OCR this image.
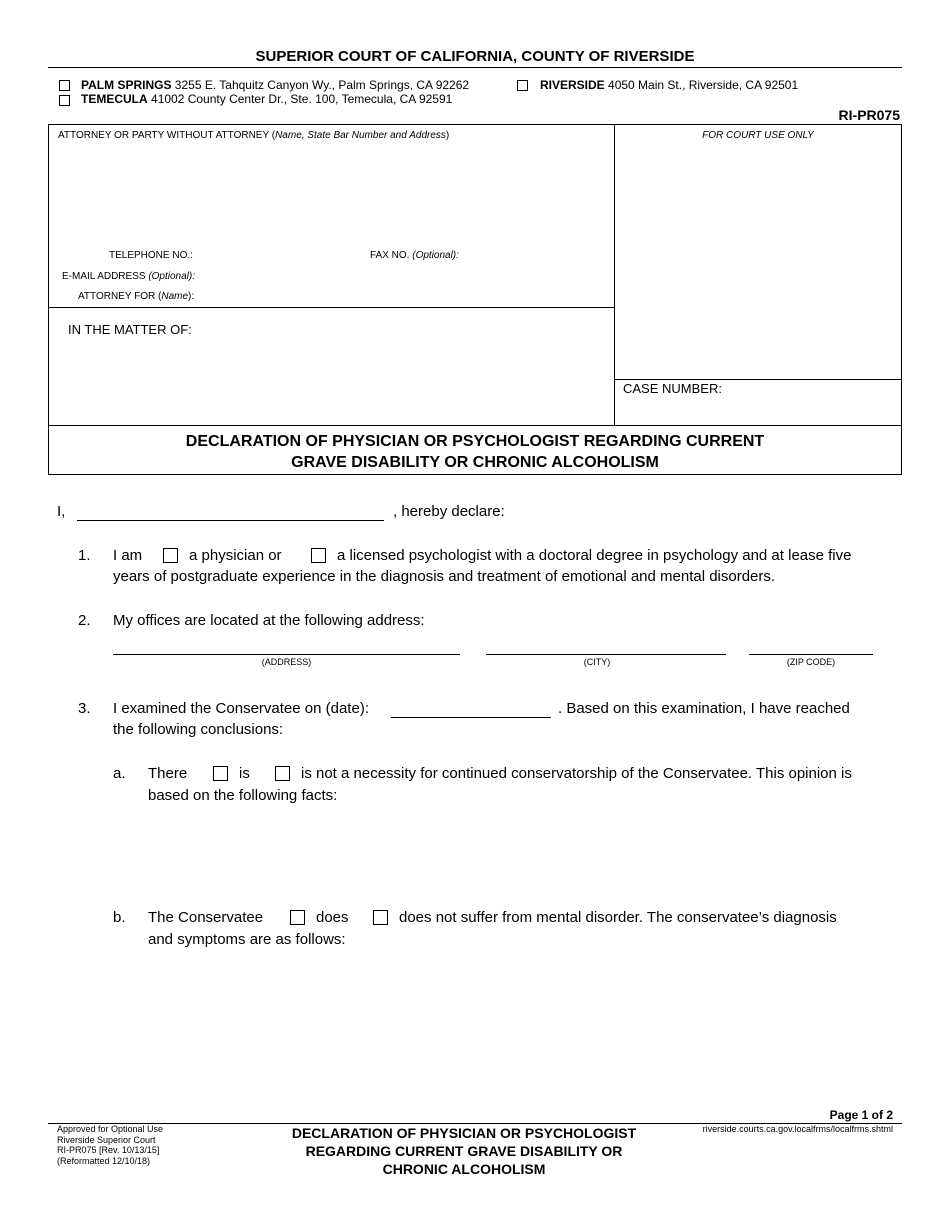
SUPERIOR COURT OF CALIFORNIA, COUNTY OF RIVERSIDE
PALM SPRINGS 3255 E. Tahquitz Canyon Wy., Palm Springs, CA 92262	RIVERSIDE 4050 Main St., Riverside, CA 92501
TEMECULA 41002 County Center Dr., Ste. 100, Temecula, CA 92591
RI-PR075
ATTORNEY OR PARTY WITHOUT ATTORNEY (Name, State Bar Number and Address)	FOR COURT USE ONLY
TELEPHONE NO.:	FAX NO. (Optional):
E-MAIL ADDRESS (Optional):
ATTORNEY FOR (Name):
IN THE MATTER OF:
CASE NUMBER:
DECLARATION OF PHYSICIAN OR PSYCHOLOGIST REGARDING CURRENT
GRAVE DISABILITY OR CHRONIC ALCOHOLISM
I,	, hereby declare:
1. I am	a physician or	a licensed psychologist with a doctoral degree in psychology and at lease five
years of postgraduate experience in the diagnosis and treatment of emotional and mental disorders.
2. My offices are located at the following address:
(ADDRESS)	(CITY)	(ZIP CODE)
3. I examined the Conservatee on (date):	. Based on this examination, I have reached
the following conclusions:
a. There	is	is not a necessity for continued conservatorship of the Conservatee. This opinion is
based on the following facts:
b. The Conservatee	does	does not suffer from mental disorder. The conservatee’s diagnosis
and symptoms are as follows:
Page 1 of 2
Approved for Optional Use
Riverside Superior Court
RI-PR075 [Rev. 10/13/15]
(Reformatted 12/10/18)
DECLARATION OF PHYSICIAN OR PSYCHOLOGIST
REGARDING CURRENT GRAVE DISABILITY OR
CHRONIC ALCOHOLISM
riverside.courts.ca.gov.localfrms/localfrms.shtml
